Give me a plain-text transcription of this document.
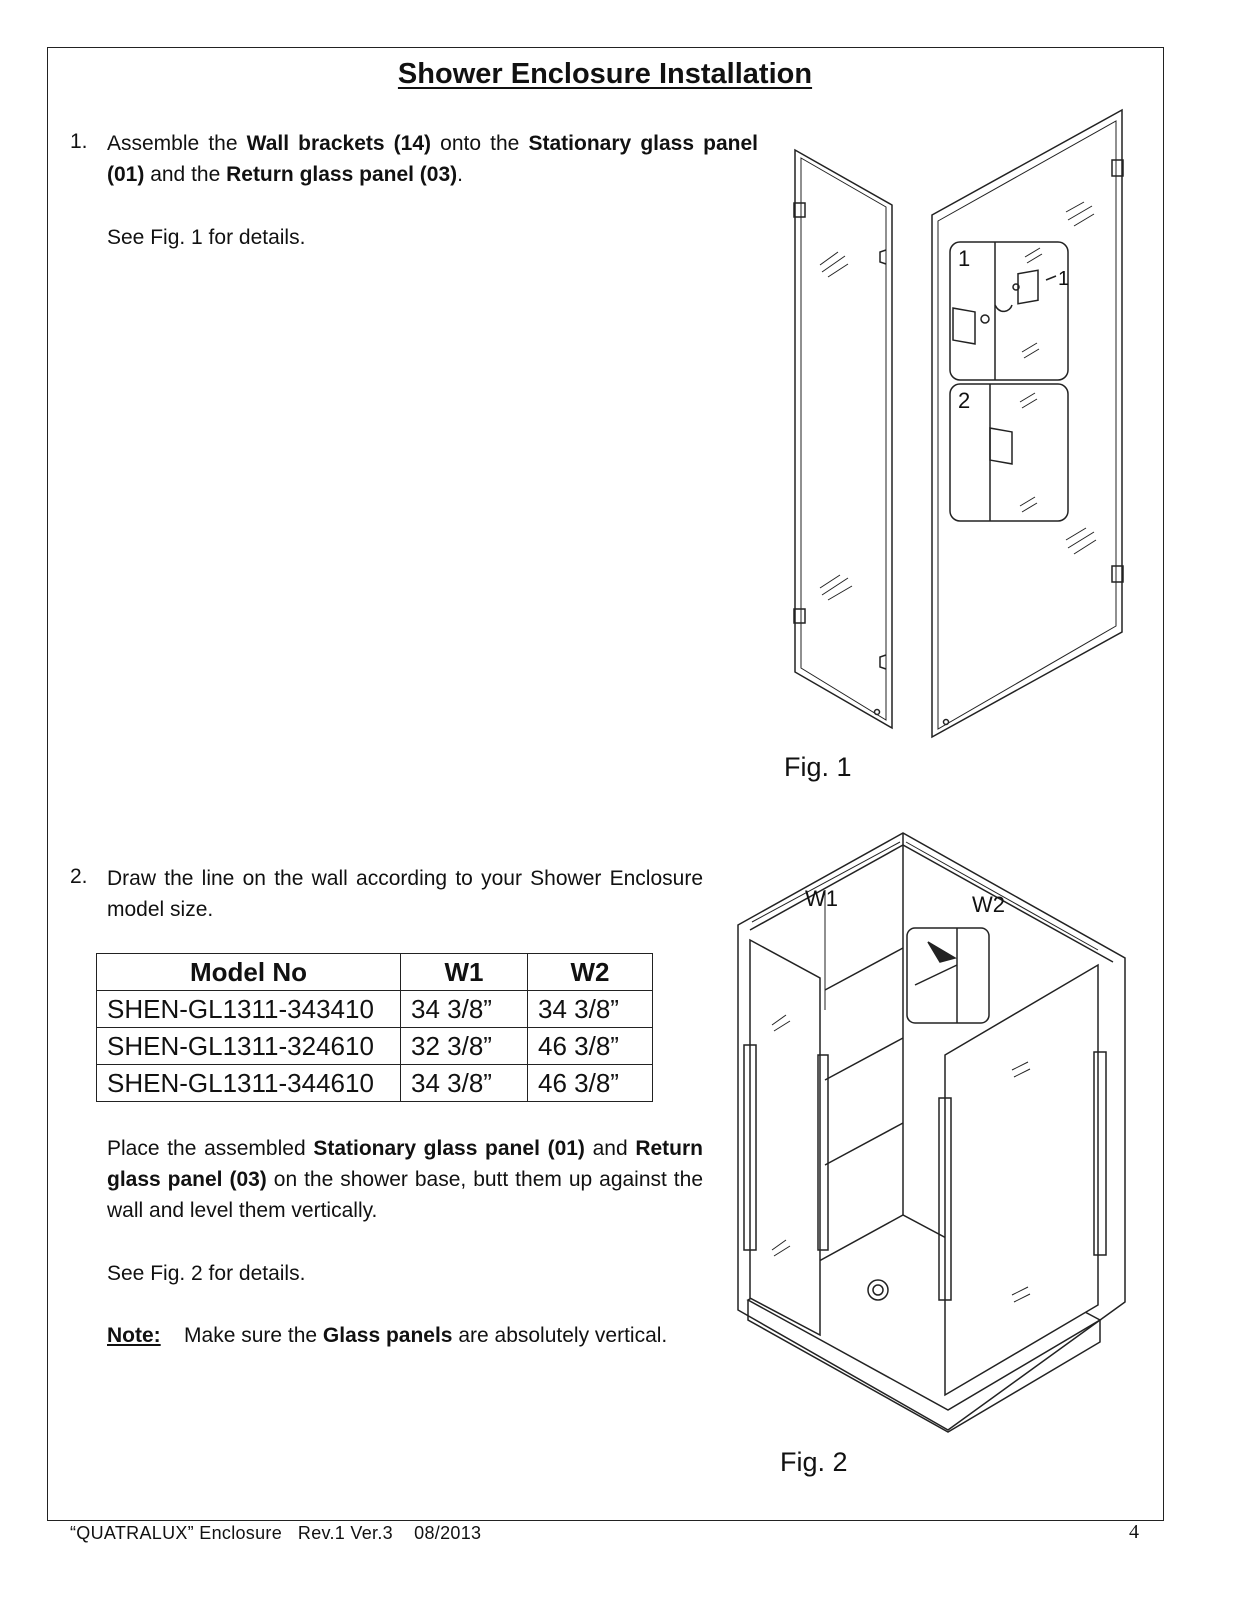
Shower Enclosure Installation
1. Assemble the Wall brackets (14) onto the Stationary glass panel (01) and the Return glass panel (03).
See Fig. 1 for details.
1
2
1
Fig. 1
2. Draw the line on the wall according to your Shower Enclosure model size.
Model No	W1	W2
SHEN-GL1311-343410	34 3/8”	34 3/8”
SHEN-GL1311-324610	32 3/8”	46 3/8”
SHEN-GL1311-344610	34 3/8”	46 3/8”
Place the assembled Stationary glass panel (01) and Return glass panel (03) on the shower base, butt them up against the wall and level them vertically.
See Fig. 2 for details.
Note: Make sure the Glass panels are absolutely vertical.
W1	W2
Fig. 2
“QUATRALUX” Enclosure   Rev.1 Ver.3    08/2013	4
